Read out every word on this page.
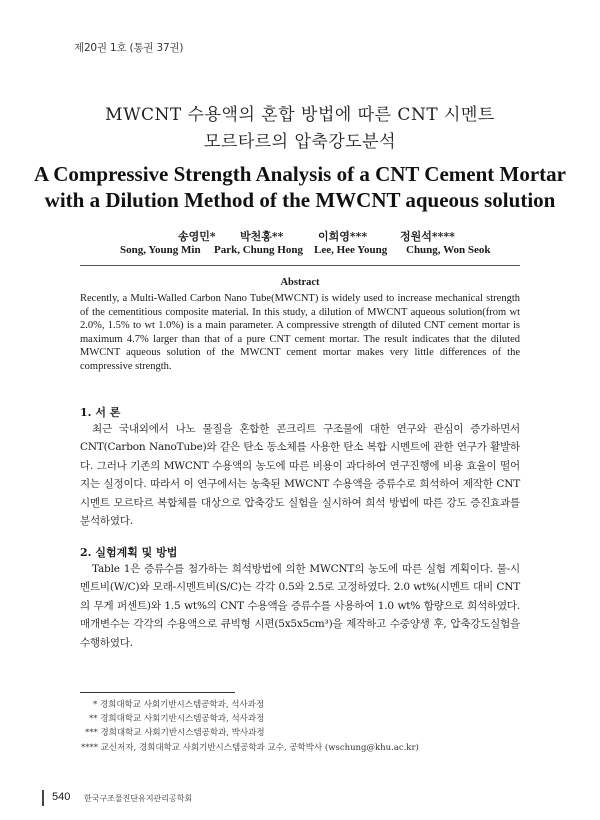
제20권 1호 (통권 37권)
MWCNT 수용액의 혼합 방법에 따른 CNT 시멘트
모르타르의 압축강도분석
A Compressive Strength Analysis of a CNT Cement Mortar
with a Dilution Method of the MWCNT aqueous solution
송영민* 박천홍**	이희영***	정원석****
Song, Young Min Park, Chung Hong Lee, Hee Young Chung, Won Seok
Abstract
Recently, a Multi-Walled Carbon Nano Tube(MWCNT) is widely used to increase mechanical strength of the cementitious composite material. In this study, a dilution of MWCNT aqueous solution(from wt 2.0%, 1.5% to wt 1.0%) is a main parameter. A compressive strength of diluted CNT cement mortar is maximum 4.7% larger than that of a pure CNT cement mortar. The result indicates that the diluted MWCNT aqueous solution of the MWCNT cement mortar makes very little differences of the compressive strength.
1. 서 론
최근 국내외에서 나노 물질을 혼합한 콘크리트 구조물에 대한 연구와 관심이 증가하면서 CNT(Carbon NanoTube)와 같은 탄소 동소체를 사용한 탄소 복합 시멘트에 관한 연구가 활발하다. 그러나 기존의 MWCNT 수용액의 농도에 따른 비용이 과다하여 연구진행에 비용 효율이 떨어지는 실정이다. 따라서 이 연구에서는 농축된 MWCNT 수용액을 증류수로 희석하여 제작한 CNT 시멘트 모르타르 복합체를 대상으로 압축강도 실험을 실시하여 희석 방법에 따른 강도 증진효과를 분석하였다.
2. 실험계획 및 방법
Table 1은 증류수를 첨가하는 희석방법에 의한 MWCNT의 농도에 따른 실험 계획이다. 물-시멘트비(W/C)와 모래-시멘트비(S/C)는 각각 0.5와 2.5로 고정하였다. 2.0 wt%(시멘트 대비 CNT의 무게 퍼센트)와 1.5 wt%의 CNT 수용액을 증류수를 사용하여 1.0 wt% 함량으로 희석하였다. 매개변수는 각각의 수용액으로 큐빅형 시편(5x5x5cm³)을 제작하고 수중양생 후, 압축강도실험을 수행하였다.
* 경희대학교 사회기반시스템공학과, 석사과정
** 경희대학교 사회기반시스템공학과, 석사과정
*** 경희대학교 사회기반시스템공학과, 박사과정
**** 교신저자, 경희대학교 사회기반시스템공학과 교수, 공학박사 (wschung@khu.ac.kr)
540 한국구조물진단유지관리공학회
